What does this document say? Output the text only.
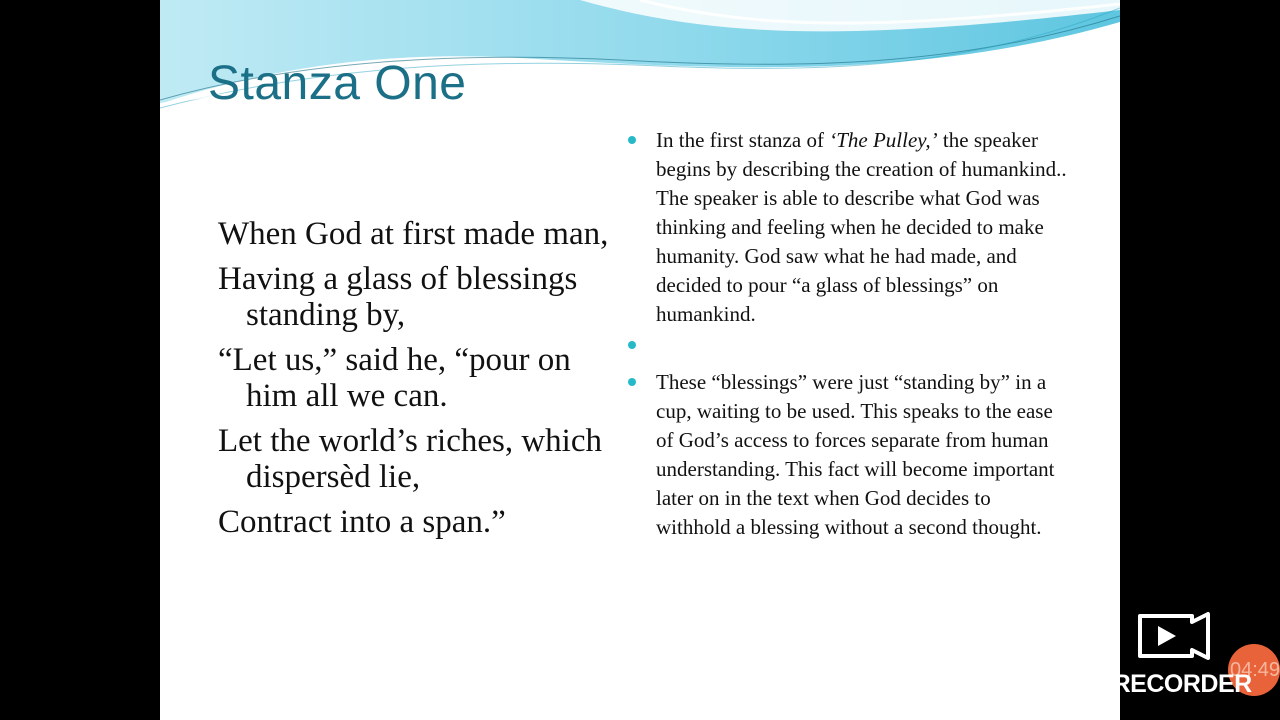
Stanza One

When God at first made man,

Having a glass of blessings standing by,

“Let us,” said he, “pour on him all we can.

Let the world’s riches, which dispersèd lie,

Contract into a span.”

In the first stanza of ‘The Pulley,’ the speaker begins by describing the creation of humankind.. The speaker is able to describe what God was thinking and feeling when he decided to make humanity. God saw what he had made, and decided to pour “a glass of blessings” on humankind.

These “blessings” were just “standing by” in a cup, waiting to be used. This speaks to the ease of God’s access to forces separate from human understanding. This fact will become important later on in the text when God decides to withhold a blessing without a second thought.

04:49
V RECORDER
